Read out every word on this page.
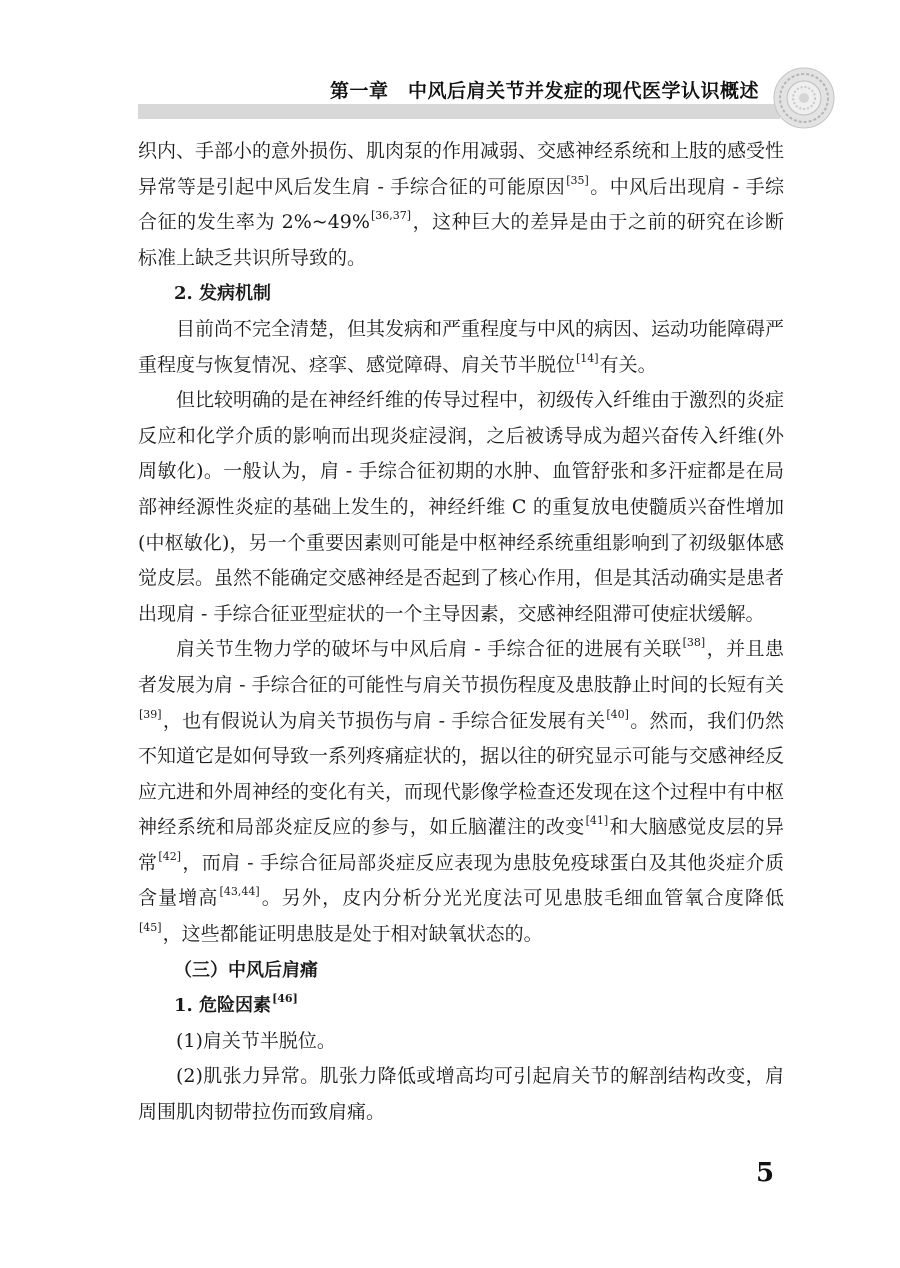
第一章　中风后肩关节并发症的现代医学认识概述

织内、手部小的意外损伤、肌肉泵的作用减弱、交感神经系统和上肢的感受性异常等是引起中风后发生肩 - 手综合征的可能原因[35]。中风后出现肩 - 手综合征的发生率为 2%~49%[36,37]，这种巨大的差异是由于之前的研究在诊断标准上缺乏共识所导致的。

2. 发病机制

目前尚不完全清楚，但其发病和严重程度与中风的病因、运动功能障碍严重程度与恢复情况、痉挛、感觉障碍、肩关节半脱位[14]有关。

但比较明确的是在神经纤维的传导过程中，初级传入纤维由于激烈的炎症反应和化学介质的影响而出现炎症浸润，之后被诱导成为超兴奋传入纤维(外周敏化)。一般认为，肩 - 手综合征初期的水肿、血管舒张和多汗症都是在局部神经源性炎症的基础上发生的，神经纤维 C 的重复放电使髓质兴奋性增加(中枢敏化)，另一个重要因素则可能是中枢神经系统重组影响到了初级躯体感觉皮层。虽然不能确定交感神经是否起到了核心作用，但是其活动确实是患者出现肩 - 手综合征亚型症状的一个主导因素，交感神经阻滞可使症状缓解。

肩关节生物力学的破坏与中风后肩 - 手综合征的进展有关联[38]，并且患者发展为肩 - 手综合征的可能性与肩关节损伤程度及患肢静止时间的长短有关[39]，也有假说认为肩关节损伤与肩 - 手综合征发展有关[40]。然而，我们仍然不知道它是如何导致一系列疼痛症状的，据以往的研究显示可能与交感神经反应亢进和外周神经的变化有关，而现代影像学检查还发现在这个过程中有中枢神经系统和局部炎症反应的参与，如丘脑灌注的改变[41]和大脑感觉皮层的异常[42]，而肩 - 手综合征局部炎症反应表现为患肢免疫球蛋白及其他炎症介质含量增高[43,44]。另外，皮内分析分光光度法可见患肢毛细血管氧合度降低[45]，这些都能证明患肢是处于相对缺氧状态的。

（三）中风后肩痛

1. 危险因素[46]

(1)肩关节半脱位。

(2)肌张力异常。肌张力降低或增高均可引起肩关节的解剖结构改变，肩周围肌肉韧带拉伤而致肩痛。

5
